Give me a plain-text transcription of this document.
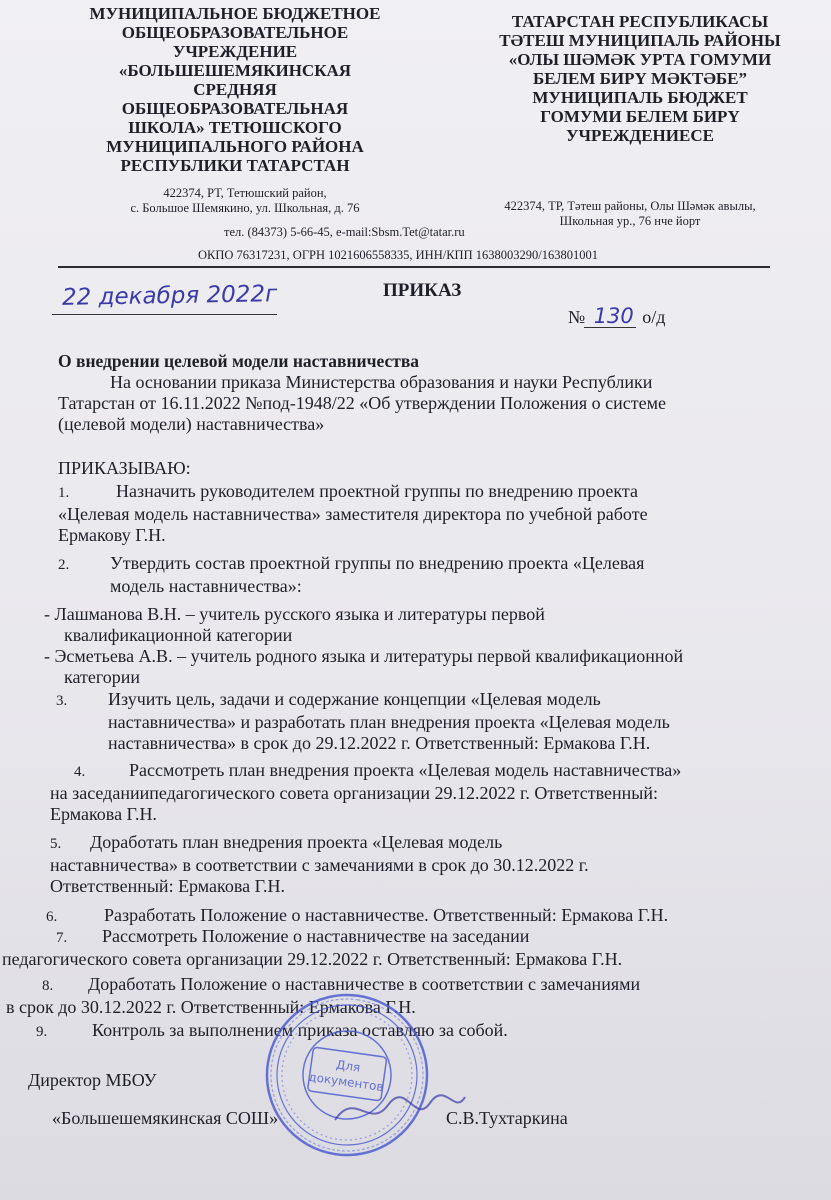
МУНИЦИПАЛЬНОЕ БЮДЖЕТНОЕ
ОБЩЕОБРАЗОВАТЕЛЬНОЕ
УЧРЕЖДЕНИЕ
«БОЛЬШЕШЕМЯКИНСКАЯ
СРЕДНЯЯ
ОБЩЕОБРАЗОВАТЕЛЬНАЯ
ШКОЛА» ТЕТЮШСКОГО
МУНИЦИПАЛЬНОГО РАЙОНА
РЕСПУБЛИКИ ТАТАРСТАН
ТАТАРСТАН РЕСПУБЛИКАСЫ
ТӘТЕШ МУНИЦИПАЛЬ РАЙОНЫ
«ОЛЫ ШӘМӘК УРТА ГОМУМИ
БЕЛЕМ БИРҮ МӘКТӘБЕ”
МУНИЦИПАЛЬ БЮДЖЕТ
ГОМУМИ БЕЛЕМ БИРҮ
УЧРЕЖДЕНИЕСЕ
422374, РТ, Тетюшский район,
с. Большое Шемякино, ул. Школьная, д. 76	422374, ТР, Тәтеш районы, Олы Шәмәк авылы,
Школьная ур., 76 нче йорт
тел. (84373) 5-66-45, e-mail:Sbsm.Tet@tatar.ru
ОКПО 76317231, ОГРН 1021606558335, ИНН/КПП 1638003290/163801001
ПРИКАЗ
22 декабря 2022г
№ 130 о/д
О внедрении целевой модели наставничества
На основании приказа Министерства образования и науки Республики
Татарстан от 16.11.2022 №под-1948/22 «Об утверждении Положения о системе
(целевой модели) наставничества»
ПРИКАЗЫВАЮ:
1.	Назначить руководителем проектной группы по внедрению проекта
«Целевая модель наставничества» заместителя директора по учебной работе
Ермакову Г.Н.
2. Утвердить состав проектной группы по внедрению проекта «Целевая
модель наставничества»:
- Лашманова В.Н. – учитель русского языка и литературы первой
квалификационной категории
- Эсметьева А.В. – учитель родного языка и литературы первой квалификационной
категории
3. Изучить цель, задачи и содержание концепции «Целевая модель
наставничества» и разработать план внедрения проекта «Целевая модель
наставничества» в срок до 29.12.2022 г. Ответственный: Ермакова Г.Н.
4. Рассмотреть план внедрения проекта «Целевая модель наставничества»
на заседаниипедагогического совета организации 29.12.2022 г. Ответственный:
Ермакова Г.Н.
5. Доработать план внедрения проекта «Целевая модель
наставничества» в соответствии с замечаниями в срок до 30.12.2022 г.
Ответственный: Ермакова Г.Н.
6.	Разработать Положение о наставничестве. Ответственный: Ермакова Г.Н.
7. Рассмотреть Положение о наставничестве на заседании
педагогического совета организации 29.12.2022 г. Ответственный: Ермакова Г.Н.
8. Доработать Положение о наставничестве в соответствии с замечаниями
в срок до 30.12.2022 г. Ответственный: Ермакова Г.Н.
9. Контроль за выполнением приказа оставляю за собой.
Для
документов
Директор МБОУ
«Большешемякинская СОШ»	С.В.Тухтаркина
